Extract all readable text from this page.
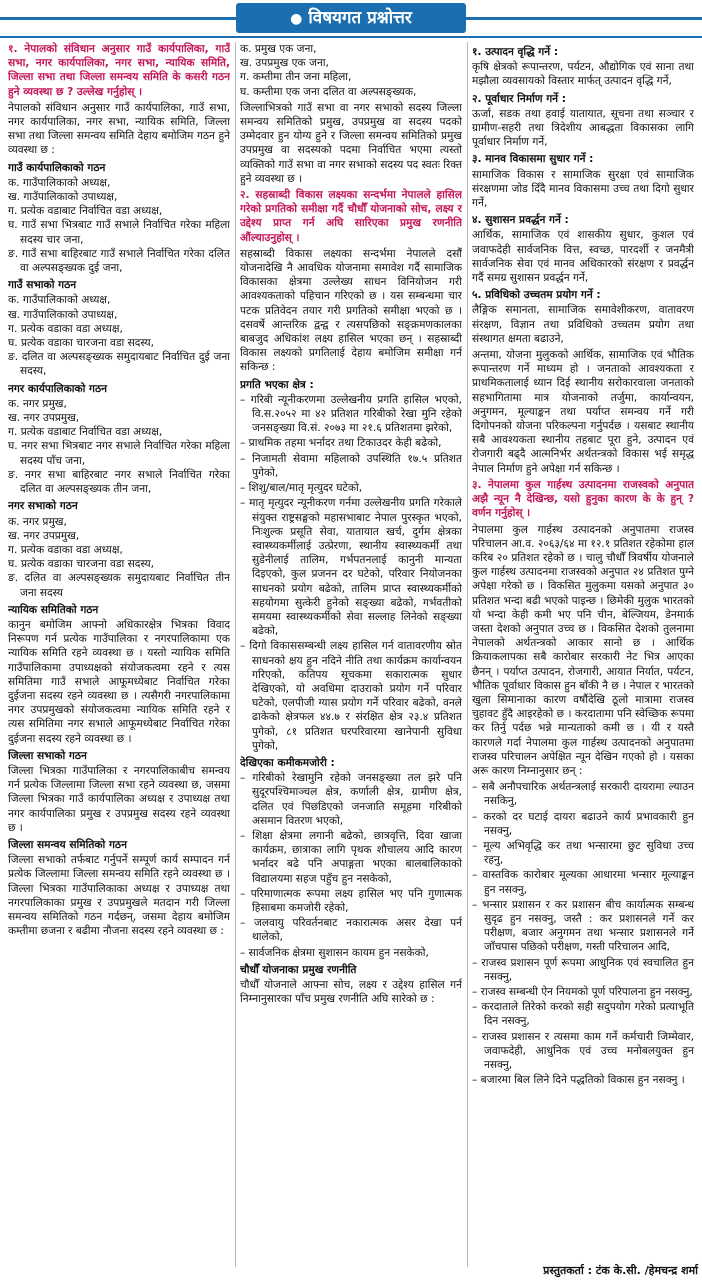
● विषयगत प्रश्नोत्तर

१. नेपालको संविधान अनुसार गाउँ कार्यपालिका, गाउँ सभा, नगर कार्यपालिका, नगर सभा, न्यायिक समिति, जिल्ला सभा तथा जिल्ला समन्वय समिति के कसरी गठन हुने व्यवस्था छ ? उल्लेख गर्नुहोस् ।

नेपालको संविधान अनुसार गाउँ कार्यपालिका, गाउँ सभा, नगर कार्यपालिका, नगर सभा, न्यायिक समिति, जिल्ला सभा तथा जिल्ला समन्वय समिति देहाय बमोजिम गठन हुने व्यवस्था छ :

गाउँ कार्यपालिकाको गठन
क. गाउँपालिकाको अध्यक्ष,
ख. गाउँपालिकाको उपाध्यक्ष,
ग. प्रत्येक वडाबाट निर्वाचित वडा अध्यक्ष,
घ. गाउँ सभा भित्रबाट गाउँ सभाले निर्वाचित गरेका महिला सदस्य चार जना,
ङ. गाउँ सभा बाहिरबाट गाउँ सभाले निर्वाचित गरेका दलित वा अल्पसङ्ख्यक दुई जना,
गाउँ सभाको गठन
क. गाउँपालिकाको अध्यक्ष,
ख. गाउँपालिकाको उपाध्यक्ष,
ग. प्रत्येक वडाका वडा अध्यक्ष,
घ. प्रत्येक वडाका चारजना वडा सदस्य,
ङ. दलित वा अल्पसङ्ख्यक समुदायबाट निर्वाचित दुई जना सदस्य,
नगर कार्यपालिकाको गठन
क. नगर प्रमुख,
ख. नगर उपप्रमुख,
ग. प्रत्येक वडाबाट निर्वाचित वडा अध्यक्ष,
घ. नगर सभा भित्रबाट नगर सभाले निर्वाचित गरेका महिला सदस्य पाँच जना,
ङ. नगर सभा बाहिरबाट नगर सभाले निर्वाचित गरेका दलित वा अल्पसङ्ख्यक तीन जना,
नगर सभाको गठन
क. नगर प्रमुख,
ख. नगर उपप्रमुख,
ग. प्रत्येक वडाका वडा अध्यक्ष,
घ. प्रत्येक वडाका चारजना वडा सदस्य,
ङ. दलित वा अल्पसङ्ख्यक समुदायबाट निर्वाचित तीन जना सदस्य
न्यायिक समितिको गठन

कानुन बमोजिम आफ्नो अधिकारक्षेत्र भित्रका विवाद निरूपण गर्न प्रत्येक गाउँपालिका र नगरपालिकामा एक न्यायिक समिति रहने व्यवस्था छ । यस्तो न्यायिक समिति गाउँपालिकामा उपाध्यक्षको संयोजकत्वमा रहने र त्यस समितिमा गाउँ सभाले आफूमध्येबाट निर्वाचित गरेका दुईजना सदस्य रहने व्यवस्था छ । त्यसैगरी नगरपालिकामा नगर उपप्रमुखको संयोजकत्वमा न्यायिक समिति रहने र त्यस समितिमा नगर सभाले आफूमध्येबाट निर्वाचित गरेका दुईजना सदस्य रहने व्यवस्था छ ।

जिल्ला सभाको गठन

जिल्ला भित्रका गाउँपालिका र नगरपालिकाबीच समन्वय गर्न प्रत्येक जिल्लामा जिल्ला सभा रहने व्यवस्था छ, जसमा जिल्ला भित्रका गाउँ कार्यपालिका अध्यक्ष र उपाध्यक्ष तथा नगर कार्यपालिका प्रमुख र उपप्रमुख सदस्य रहने व्यवस्था छ ।

जिल्ला समन्वय समितिको गठन

जिल्ला सभाको तर्फबाट गर्नुपर्ने सम्पूर्ण कार्य सम्पादन गर्न प्रत्येक जिल्लामा जिल्ला समन्वय समिति रहने व्यवस्था छ । जिल्ला भित्रका गाउँपालिकाका अध्यक्ष र उपाध्यक्ष तथा नगरपालिकाका प्रमुख र उपप्रमुखले मतदान गरी जिल्ला समन्वय समितिको गठन गर्दछन्, जसमा देहाय बमोजिम कम्तीमा छजना र बढीमा नौजना सदस्य रहने व्यवस्था छ :

क. प्रमुख एक जना,
ख. उपप्रमुख एक जना,
ग. कम्तीमा तीन जना महिला,
घ. कम्तीमा एक जना दलित वा अल्पसङ्ख्यक,

जिल्लाभित्रको गाउँ सभा वा नगर सभाको सदस्य जिल्ला समन्वय समितिको प्रमुख, उपप्रमुख वा सदस्य पदको उम्मेदवार हुन योग्य हुने र जिल्ला समन्वय समितिको प्रमुख उपप्रमुख वा सदस्यको पदमा निर्वाचित भएमा त्यस्तो व्यक्तिको गाउँ सभा वा नगर सभाको सदस्य पद स्वतः रिक्त हुने व्यवस्था छ ।

२. सहस्राब्दी विकास लक्ष्यका सन्दर्भमा नेपालले हासिल गरेको प्रगतिको समीक्षा गर्दै चौधौँ योजनाको सोच, लक्ष्य र उद्देश्य प्राप्त गर्न अघि सारिएका प्रमुख रणनीति औंल्याउनुहोस् ।

सहस्राब्दी विकास लक्ष्यका सन्दर्भमा नेपालले दसौँ योजनादेखि नै आवधिक योजनामा समावेश गर्दै सामाजिक विकासका क्षेत्रमा उल्लेख्य साधन विनियोजन गरी आवश्यकताको पहिचान गरिएको छ । यस सम्बन्धमा चार पटक प्रतिवेदन तयार गरी प्रगतिको समीक्षा भएको छ । दसवर्षे आन्तरिक द्वन्द्व र त्यसपछिको सङ्क्रमणकालका बाबजुद अधिकांश लक्ष्य हासिल भएका छन् । सहस्राब्दी विकास लक्ष्यको प्रगतिलाई देहाय बमोजिम समीक्षा गर्न सकिन्छ :

प्रगति भएका क्षेत्र :
– गरिबी न्यूनीकरणमा उल्लेखनीय प्रगति हासिल भएको, वि.स.२०५२ मा ४२ प्रतिशत गरिबीको रेखा मुनि रहेको जनसङ्ख्या वि.सं. २०७३ मा २१.६ प्रतिशतमा झरेको,
– प्राथमिक तहमा भर्नादर तथा टिकाउदर केही बढेको,
– निजामती सेवामा महिलाको उपस्थिति १७.५ प्रतिशत पुगेको,
– शिशु/बाल/मातृ मृत्युदर घटेको,
– मातृ मृत्युदर न्यूनीकरण गर्नमा उल्लेखनीय प्रगति गरेकाले संयुक्त राष्ट्रसङ्घको महासभाबाट नेपाल पुरस्कृत भएको, निःशुल्क प्रसूति सेवा, यातायात खर्च, दुर्गम क्षेत्रका स्वास्थ्यकर्मीलाई उत्प्रेरणा, स्थानीय स्वास्थ्यकर्मी तथा सुडेनीलाई तालिम, गर्भपतनलाई कानुनी मान्यता दिइएको, कुल प्रजनन दर घटेको, परिवार नियोजनका साधनको प्रयोग बढेको, तालिम प्राप्त स्वास्थ्यकर्मीको सहयोगमा सुत्केरी हुनेको सङ्ख्या बढेको, गर्भवतीको समयमा स्वास्थ्यकर्मीको सेवा सल्लाह लिनेको सङ्ख्या बढेको,
– दिगो विकाससम्बन्धी लक्ष्य हासिल गर्न वातावरणीय स्रोत साधनको क्षय हुन नदिने नीति तथा कार्यक्रम कार्यान्वयन गरिएको, कतिपय सूचकमा सकारात्मक सुधार देखिएको, यो अवधिमा दाउराको प्रयोग गर्ने परिवार घटेको, एलपीजी ग्यास प्रयोग गर्ने परिवार बढेको, वनले ढाकेको क्षेत्रफल ४४.७ र संरक्षित क्षेत्र २३.४ प्रतिशत पुगेको, ८१ प्रतिशत घरपरिवारमा खानेपानी सुविधा पुगेको,
देखिएका कमीकमजोरी :
– गरिबीको रेखामुनि रहेको जनसङ्ख्या तल झरे पनि सुदूरपश्चिमाञ्चल क्षेत्र, कर्णाली क्षेत्र, ग्रामीण क्षेत्र, दलित एवं पिछडिएको जनजाति समूहमा गरिबीको असमान वितरण भएको,
– शिक्षा क्षेत्रमा लगानी बढेको, छात्रवृत्ति, दिवा खाजा कार्यक्रम, छात्राका लागि पृथक शौचालय आदि कारण भर्नादर बढे पनि अपाङ्गता भएका बालबालिकाको विद्यालयमा सहज पहुँच हुन नसकेको,
– परिमाणात्मक रूपमा लक्ष्य हासिल भए पनि गुणात्मक हिसाबमा कमजोरी रहेको,
– जलवायु परिवर्तनबाट नकारात्मक असर देखा पर्न थालेको,
– सार्वजनिक क्षेत्रमा सुशासन कायम हुन नसकेको,
चौधौँ योजनाका प्रमुख रणनीति

चौधौँ योजनाले आफ्ना सोच, लक्ष्य र उद्देश्य हासिल गर्न निम्नानुसारका पाँच प्रमुख रणनीति अघि सारेको छ :

१. उत्पादन वृद्धि गर्ने :

कृषि क्षेत्रको रूपान्तरण, पर्यटन, औद्योगिक एवं साना तथा मझौला व्यवसायको विस्तार मार्फत् उत्पादन वृद्धि गर्ने,

२. पूर्वाधार निर्माण गर्ने :

ऊर्जा, सडक तथा हवाई यातायात, सूचना तथा सञ्चार र ग्रामीण-सहरी तथा त्रिदेशीय आबद्धता विकासका लागि पूर्वाधार निर्माण गर्ने,

३. मानव विकासमा सुधार गर्ने :

सामाजिक विकास र सामाजिक सुरक्षा एवं सामाजिक संरक्षणमा जोड दिँदै मानव विकासमा उच्च तथा दिगो सुधार गर्ने,

४. सुशासन प्रवर्द्धन गर्ने :

आर्थिक, सामाजिक एवं शासकीय सुधार, कुशल एवं जवाफदेही सार्वजनिक वित्त, स्वच्छ, पारदर्शी र जनमैत्री सार्वजनिक सेवा एवं मानव अधिकारको संरक्षण र प्रवर्द्धन गर्दै समग्र सुशासन प्रवर्द्धन गर्ने,

५. प्रविधिको उच्चतम प्रयोग गर्ने :

लैङ्गिक समानता, सामाजिक समावेशीकरण, वातावरण संरक्षण, विज्ञान तथा प्रविधिको उच्चतम प्रयोग तथा संस्थागत क्षमता बढाउने,

अन्तमा, योजना मुलुकको आर्थिक, सामाजिक एवं भौतिक रूपान्तरण गर्ने माध्यम हो । जनताको आवश्यकता र प्राथमिकतालाई ध्यान दिई स्थानीय सरोकारवाला जनताको सहभागितामा मात्र योजनाको तर्जुमा, कार्यान्वयन, अनुगमन, मूल्याङ्कन तथा पर्याप्त समन्वय गर्ने गरी दिगोपनको योजना परिकल्पना गर्नुपर्दछ । यसबाट स्थानीय सबै आवश्यकता स्थानीय तहबाट पूरा हुने, उत्पादन एवं रोजगारी बढ्दै आत्मनिर्भर अर्थतन्त्रको विकास भई समृद्ध नेपाल निर्माण हुने अपेक्षा गर्न सकिन्छ ।

३. नेपालमा कुल गार्हस्थ उत्पादनमा राजस्वको अनुपात अझै न्यून नै देखिन्छ, यसो हुनुका कारण के के हुन् ? वर्णन गर्नुहोस् ।

नेपालमा कुल गार्हस्थ उत्पादनको अनुपातमा राजस्व परिचालन आ.व. २०६३/६४ मा १२.१ प्रतिशत रहेकोमा हाल करिब २० प्रतिशत रहेको छ । चालु चौधौँ त्रिवर्षीय योजनाले कुल गार्हस्थ उत्पादनमा राजस्वको अनुपात २४ प्रतिशत पुग्ने अपेक्षा गरेको छ । विकसित मुलुकमा यसको अनुपात ३० प्रतिशत भन्दा बढी भएको पाइन्छ । छिमेकी मुलुक भारतको यो भन्दा केही कमी भए पनि चीन, बेल्जियम, डेनमार्क जस्ता देशको अनुपात उच्च छ । विकसित देशको तुलनामा नेपालको अर्थतन्त्रको आकार सानो छ । आर्थिक क्रियाकलापका सबै कारोबार सरकारी नेट भित्र आएका छैनन् । पर्याप्त उत्पादन, रोजगारी, आयात निर्यात, पर्यटन, भौतिक पूर्वाधार विकास हुन बाँकी नै छ । नेपाल र भारतको खुला सिमानाका कारण वर्षौदेखि ठूलो मात्रामा राजस्व चुहावट हुँदै आइरहेको छ । करदातामा पनि स्वेच्छिक रूपमा कर तिर्नु पर्दछ भन्ने मान्यताको कमी छ । यी र यस्तै कारणले गर्दा नेपालमा कुल गार्हस्थ उत्पादनको अनुपातमा राजस्व परिचालन अपेक्षित न्यून देखिन गएको हो । यसका अरू कारण निम्नानुसार छन् :

– सबै अनौपचारिक अर्थतन्त्रलाई सरकारी दायरामा ल्याउन नसकिनु,
– करको दर घटाई दायरा बढाउने कार्य प्रभावकारी हुन नसक्नु,
– मूल्य अभिवृद्धि कर तथा भन्सारमा छुट सुविधा उच्च रहनु,
– वास्तविक कारोबार मूल्यका आधारमा भन्सार मूल्याङ्कन हुन नसक्नु,
– भन्सार प्रशासन र कर प्रशासन बीच कार्यात्मक सम्बन्ध सुदृढ हुन नसक्नु, जस्तै : कर प्रशासनले गर्ने कर परीक्षण, बजार अनुगमन तथा भन्सार प्रशासनले गर्ने जाँचपास पछिको परीक्षण, गस्ती परिचालन आदि,
– राजस्व प्रशासन पूर्ण रूपमा आधुनिक एवं स्वचालित हुन नसक्नु,
– राजस्व सम्बन्धी ऐन नियमको पूर्ण परिपालना हुन नसक्नु,
– करदाताले तिरेको करको सही सदुपयोग गरेको प्रत्याभूति दिन नसक्नु,
– राजस्व प्रशासन र त्यसमा काम गर्ने कर्मचारी जिम्मेवार, जवाफदेही, आधुनिक एवं उच्च मनोबलयुक्त हुन नसक्नु,
– बजारमा बिल लिने दिने पद्धतिको विकास हुन नसक्नु ।
प्रस्तुतकर्ता : टंक के.सी. /हेमचन्द्र शर्मा
